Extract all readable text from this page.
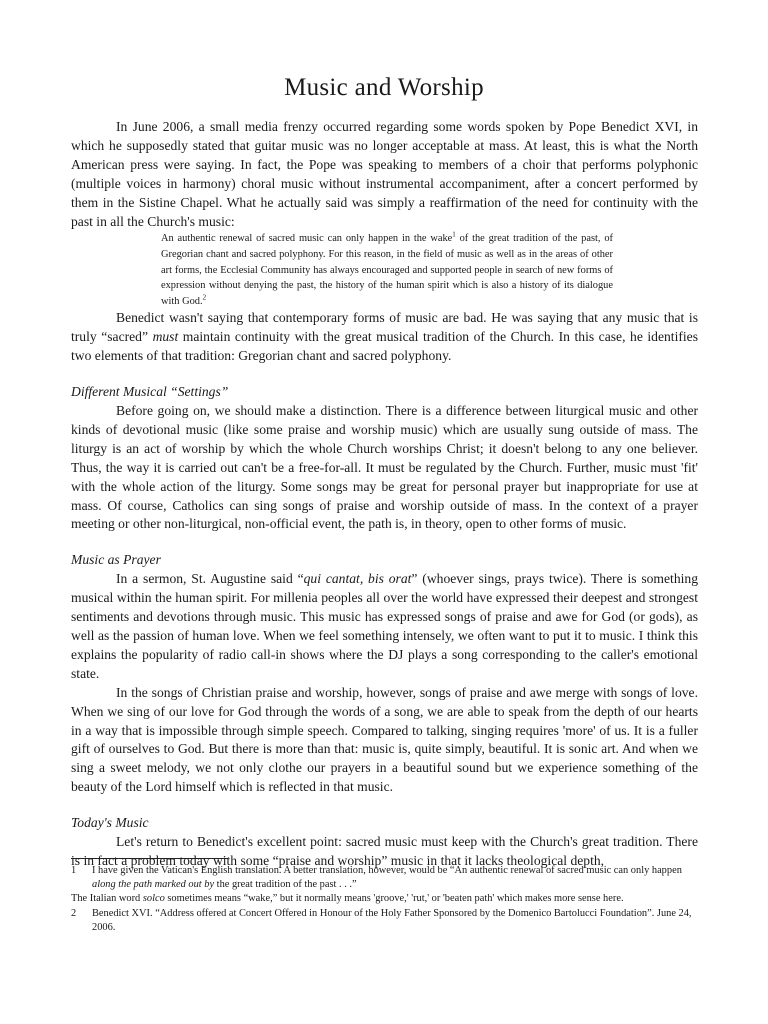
Music and Worship

In June 2006, a small media frenzy occurred regarding some words spoken by Pope Benedict XVI, in which he supposedly stated that guitar music was no longer acceptable at mass. At least, this is what the North American press were saying. In fact, the Pope was speaking to members of a choir that performs polyphonic (multiple voices in harmony) choral music without instrumental accompaniment, after a concert performed by them in the Sistine Chapel. What he actually said was simply a reaffirmation of the need for continuity with the past in all the Church's music:

An authentic renewal of sacred music can only happen in the wake$^1$ of the great tradition of the past, of Gregorian chant and sacred polyphony. For this reason, in the field of music as well as in the areas of other art forms, the Ecclesial Community has always encouraged and supported people in search of new forms of expression without denying the past, the history of the human spirit which is also a history of its dialogue with God.$^2$

Benedict wasn't saying that contemporary forms of music are bad. He was saying that any music that is truly “sacred” must maintain continuity with the great musical tradition of the Church. In this case, he identifies two elements of that tradition: Gregorian chant and sacred polyphony.

Different Musical “Settings”

Before going on, we should make a distinction. There is a difference between liturgical music and other kinds of devotional music (like some praise and worship music) which are usually sung outside of mass. The liturgy is an act of worship by which the whole Church worships Christ; it doesn't belong to any one believer. Thus, the way it is carried out can't be a free-for-all. It must be regulated by the Church. Further, music must 'fit' with the whole action of the liturgy. Some songs may be great for personal prayer but inappropriate for use at mass. Of course, Catholics can sing songs of praise and worship outside of mass. In the context of a prayer meeting or other non-liturgical, non-official event, the path is, in theory, open to other forms of music.

Music as Prayer

In a sermon, St. Augustine said “qui cantat, bis orat” (whoever sings, prays twice). There is something musical within the human spirit. For millenia peoples all over the world have expressed their deepest and strongest sentiments and devotions through music. This music has expressed songs of praise and awe for God (or gods), as well as the passion of human love. When we feel something intensely, we often want to put it to music. I think this explains the popularity of radio call-in shows where the DJ plays a song corresponding to the caller's emotional state.

In the songs of Christian praise and worship, however, songs of praise and awe merge with songs of love. When we sing of our love for God through the words of a song, we are able to speak from the depth of our hearts in a way that is impossible through simple speech. Compared to talking, singing requires 'more' of us. It is a fuller gift of ourselves to God. But there is more than that: music is, quite simply, beautiful. It is sonic art. And when we sing a sweet melody, we not only clothe our prayers in a beautiful sound but we experience something of the beauty of the Lord himself which is reflected in that music.

Today's Music

Let's return to Benedict's excellent point: sacred music must keep with the Church's great tradition. There is in fact a problem today with some “praise and worship” music in that it lacks theological depth,

1	I have given the Vatican's English translation. A better translation, however, would be “An authentic renewal of sacred music can only happen along the path marked out by the great tradition of the past . . .”
The Italian word solco sometimes means “wake,” but it normally means 'groove,' 'rut,' or 'beaten path' which makes more sense here.
2	Benedict XVI. “Address offered at Concert Offered in Honour of the Holy Father Sponsored by the Domenico Bartolucci Foundation”. June 24, 2006.
